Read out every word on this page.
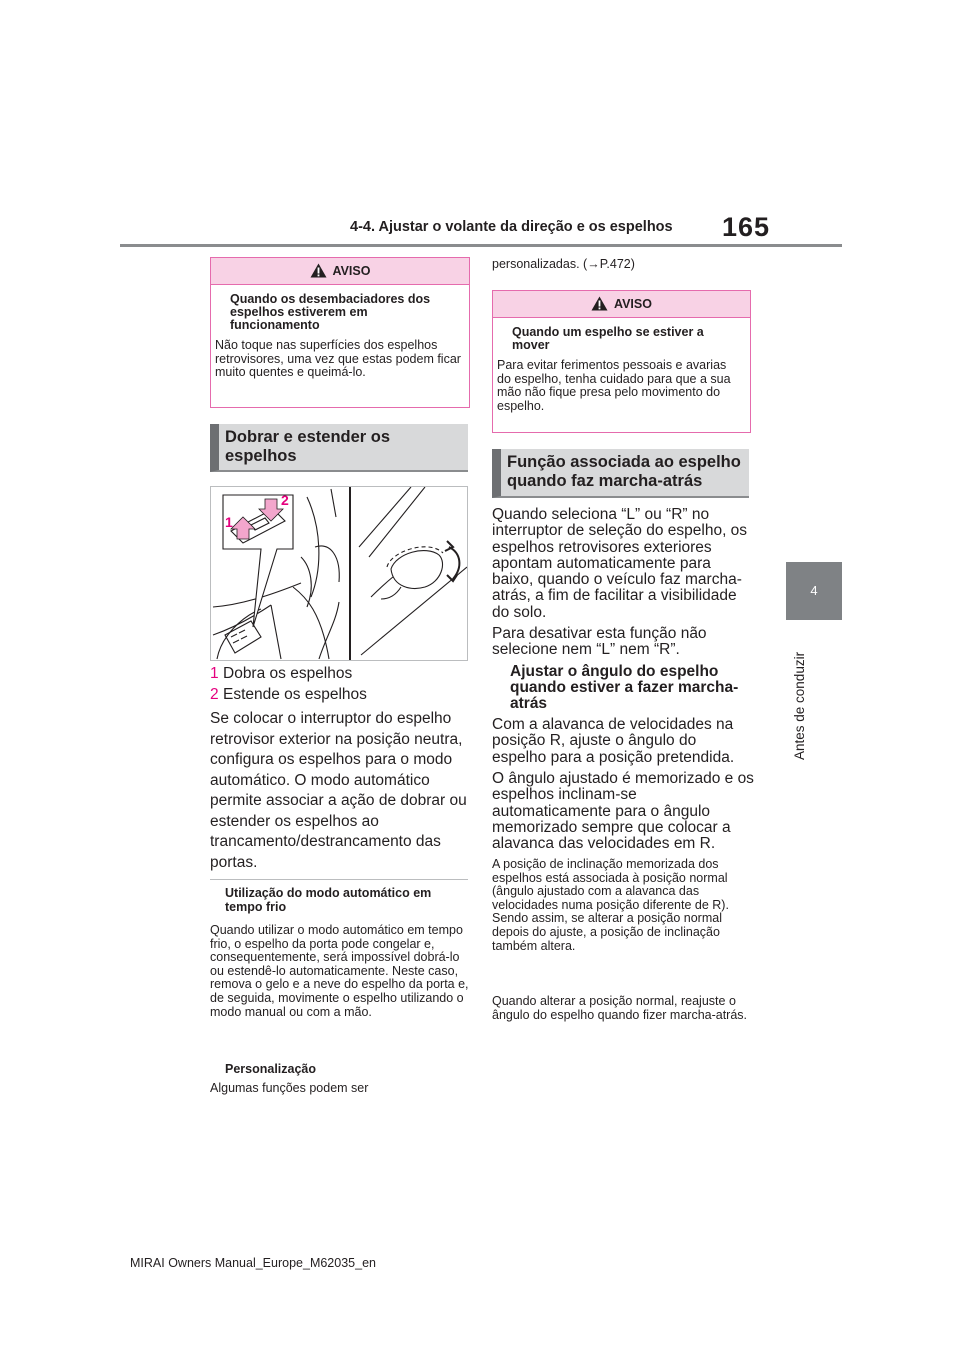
4-4. Ajustar o volante da direção e os espelhos 165
4
Antes de conduzir
AVISO
Quando os desembaciadores dos espelhos estiverem em funcionamento
Não toque nas superfícies dos espelhos retrovisores, uma vez que estas podem ficar muito quentes e queimá-lo.
Dobrar e estender os espelhos
2
1
1 Dobra os espelhos
2 Estende os espelhos
Se colocar o interruptor do espelho retrovisor exterior na posição neutra, configura os espelhos para o modo automático. O modo automático permite associar a ação de dobrar ou estender os espelhos ao trancamento/destrancamento das portas.
Utilização do modo automático em tempo frio
Quando utilizar o modo automático em tempo frio, o espelho da porta pode congelar e, consequentemente, será impossível dobrá-lo ou estendê-lo automaticamente. Neste caso, remova o gelo e a neve do espelho da porta e, de seguida, movimente o espelho utilizando o modo manual ou com a mão.
Personalização
Algumas funções podem ser
personalizadas. (→P.472)
AVISO
Quando um espelho se estiver a mover
Para evitar ferimentos pessoais e avarias do espelho, tenha cuidado para que a sua mão não fique presa pelo movimento do espelho.
Função associada ao espelho quando faz marcha-atrás
Quando seleciona “L” ou “R” no interruptor de seleção do espelho, os espelhos retrovisores exteriores apontam automaticamente para baixo, quando o veículo faz marcha-atrás, a fim de facilitar a visibilidade do solo.
Para desativar esta função não selecione nem “L” nem “R”.
Ajustar o ângulo do espelho quando estiver a fazer marcha-atrás
Com a alavanca de velocidades na posição R, ajuste o ângulo do espelho para a posição pretendida.
O ângulo ajustado é memorizado e os espelhos inclinam-se automaticamente para o ângulo memorizado sempre que colocar a alavanca das velocidades em R.
A posição de inclinação memorizada dos espelhos está associada à posição normal (ângulo ajustado com a alavanca das velocidades numa posição diferente de R). Sendo assim, se alterar a posição normal depois do ajuste, a posição de inclinação também altera.
Quando alterar a posição normal, reajuste o ângulo do espelho quando fizer marcha-atrás.
MIRAI Owners Manual_Europe_M62035_en
